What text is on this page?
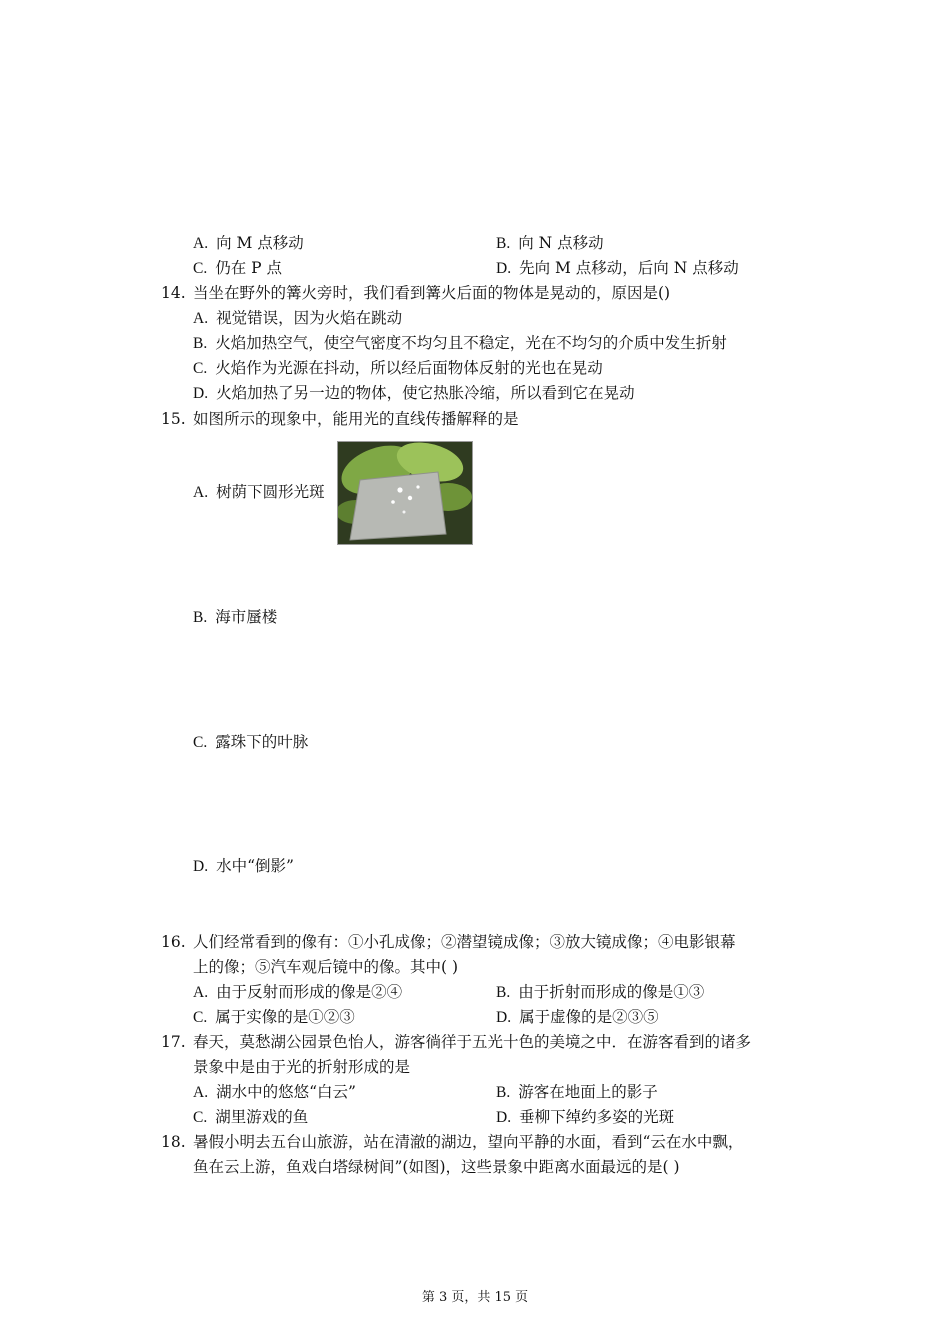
A. 向 M 点移动	B. 向 N 点移动
C. 仍在 P 点	D. 先向 M 点移动，后向 N 点移动
14. 当坐在野外的篝火旁时，我们看到篝火后面的物体是晃动的，原因是()
A. 视觉错误，因为火焰在跳动
B. 火焰加热空气，使空气密度不均匀且不稳定，光在不均匀的介质中发生折射
C. 火焰作为光源在抖动，所以经后面物体反射的光也在晃动
D. 火焰加热了另一边的物体，使它热胀冷缩，所以看到它在晃动
15. 如图所示的现象中，能用光的直线传播解释的是
A. 树荫下圆形光斑
B. 海市蜃楼
C. 露珠下的叶脉
D. 水中“倒影”
16. 人们经常看到的像有：①小孔成像；②潜望镜成像；③放大镜成像；④电影银幕
上的像；⑤汽车观后镜中的像。其中( )
A. 由于反射而形成的像是②④	B. 由于折射而形成的像是①③
C. 属于实像的是①②③	D. 属于虚像的是②③⑤
17. 春天，莫愁湖公园景色怡人，游客徜徉于五光十色的美境之中．在游客看到的诸多
景象中是由于光的折射形成的是
A. 湖水中的悠悠“白云”	B. 游客在地面上的影子
C. 湖里游戏的鱼	D. 垂柳下绰约多姿的光斑
18. 暑假小明去五台山旅游，站在清澈的湖边，望向平静的水面，看到“云在水中飘，
鱼在云上游，鱼戏白塔绿树间”(如图)，这些景象中距离水面最远的是( )
第 3 页，共 15 页
